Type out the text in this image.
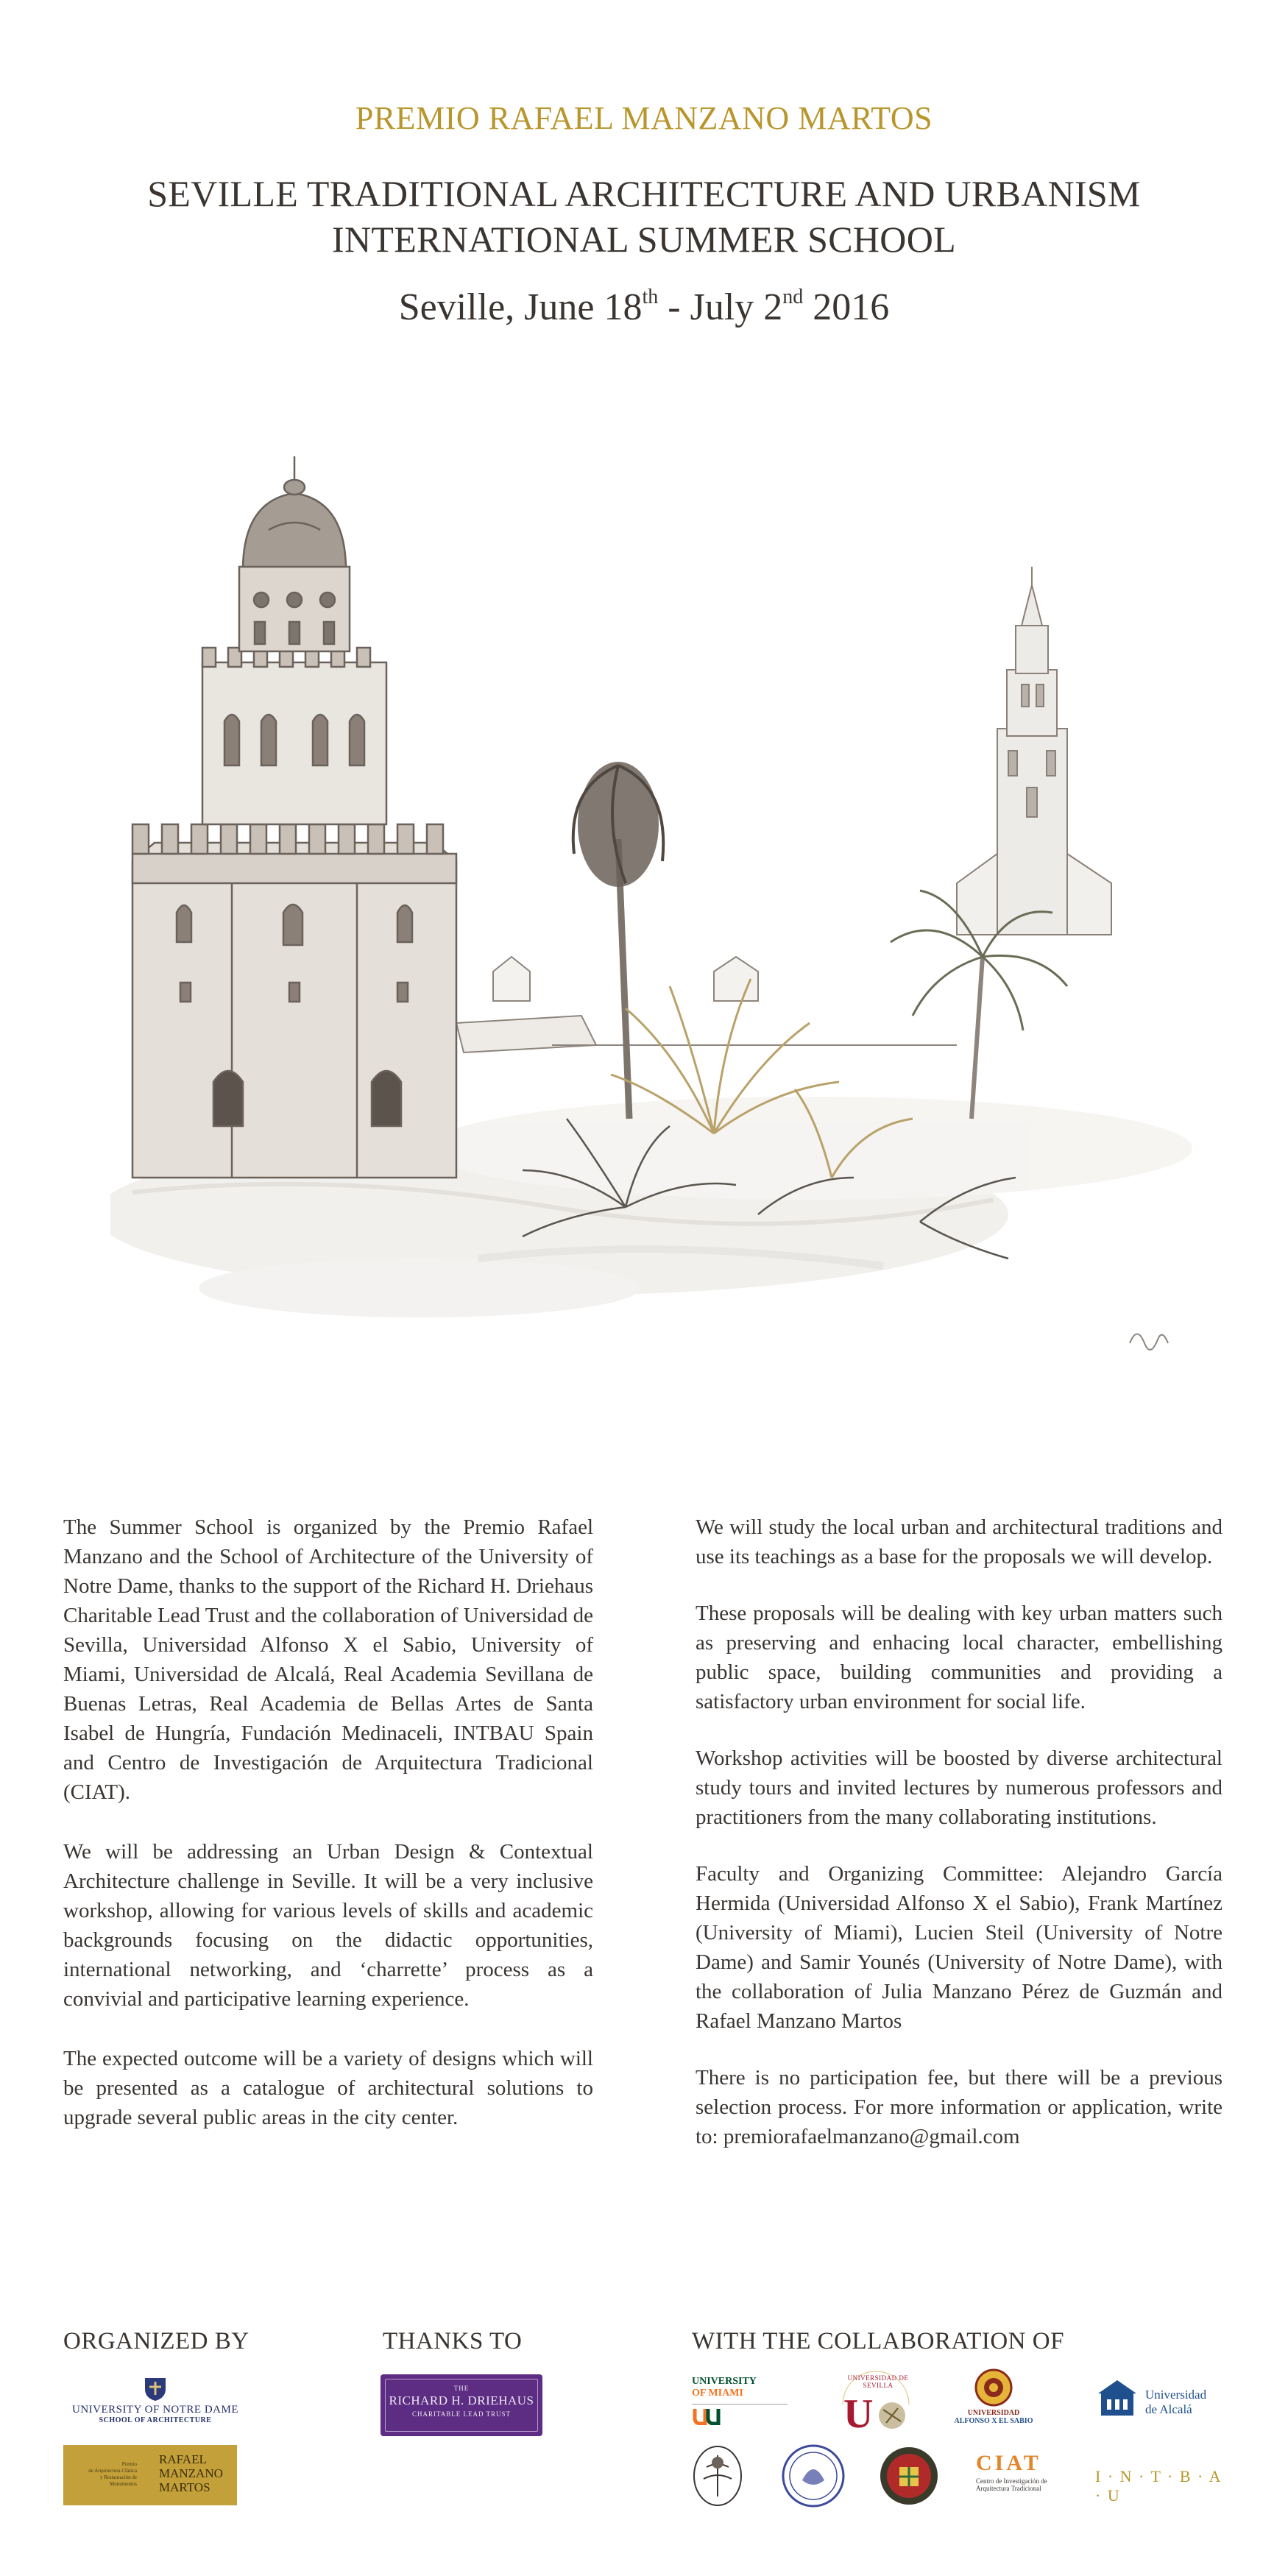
PREMIO RAFAEL MANZANO MARTOS
SEVILLE TRADITIONAL ARCHITECTURE AND URBANISM
INTERNATIONAL SUMMER SCHOOL
Seville, June 18th - July 2nd 2016

The Summer School is organized by the Premio Rafael Manzano and the School of Architecture of the University of Notre Dame, thanks to the support of the Richard H. Driehaus Charitable Lead Trust and the collaboration of Universidad de Sevilla, Universidad Alfonso X el Sabio, University of Miami, Universidad de Alcalá, Real Academia Sevillana de Buenas Letras, Real Academia de Bellas Artes de Santa Isabel de Hungría, Fundación Medinaceli, INTBAU Spain and Centro de Investigación de Arquitectura Tradicional (CIAT).

We will be addressing an Urban Design & Contextual Architecture challenge in Seville. It will be a very inclusive workshop, allowing for various levels of skills and academic backgrounds focusing on the didactic opportunities, international networking, and ‘charrette’ process as a convivial and participative learning experience.

The expected outcome will be a variety of designs which will be presented as a catalogue of architectural solutions to upgrade several public areas in the city center.

We will study the local urban and architectural traditions and use its teachings as a base for the proposals we will develop.

These proposals will be dealing with key urban matters such as preserving and enhacing local character, embellishing public space, building communities and providing a satisfactory urban environment for social life.

Workshop activities will be boosted by diverse architectural study tours and invited lectures by numerous professors and practitioners from the many collaborating institutions.

Faculty and Organizing Committee: Alejandro García Hermida (Universidad Alfonso X el Sabio), Frank Martínez (University of Miami), Lucien Steil (University of Notre Dame) and Samir Younés (University of Notre Dame), with the collaboration of Julia Manzano Pérez de Guzmán and Rafael Manzano Martos

There is no participation fee, but there will be a previous selection process. For more information or application, write to: premiorafaelmanzano@gmail.com

ORGANIZED BY	THANKS TO	WITH THE COLLABORATION OF
UNIVERSITY OF NOTRE DAME
SCHOOL OF ARCHITECTURE
Premio
de Arquitectura Clásica
y Restauración de Monumentos
RAFAEL
MANZANO
MARTOS
THE
RICHARD H. DRIEHAUS
CHARITABLE LEAD TRUST
UNIVERSITY
OF MIAMI
UNIVERSIDAD DE SEVILLA
U	UNIVERSIDAD
ALFONSO X EL SABIO
Universidad
de Alcalá
CIAT
Centro de Investigación de
Arquitectura Tradicional
I · N · T · B · A · U
